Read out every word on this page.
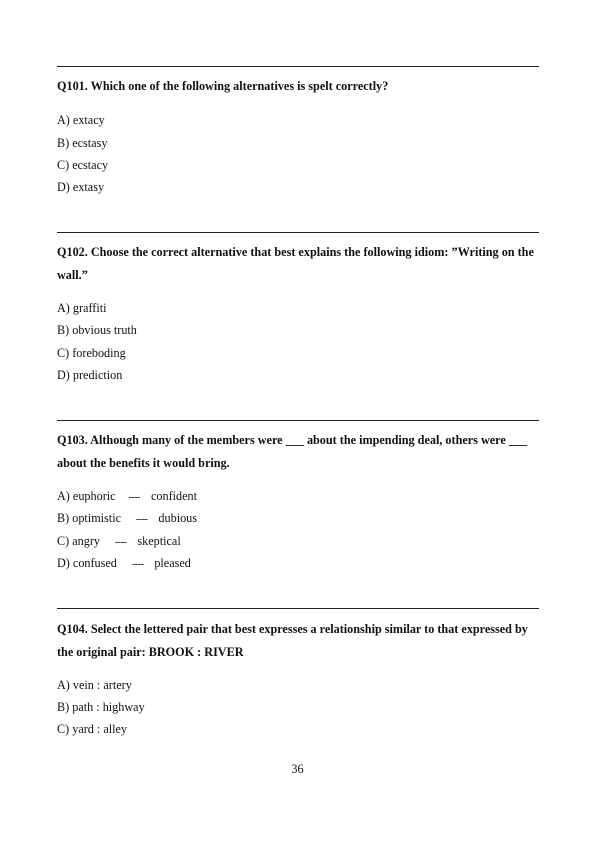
Q101. Which one of the following alternatives is spelt correctly?
A) extacy
B) ecstasy
C) ecstacy
D) extasy
Q102. Choose the correct alternative that best explains the following idiom: ”Writing on the wall.”
A) graffiti
B) obvious truth
C) foreboding
D) prediction
Q103. Although many of the members were ___ about the impending deal, others were ___ about the benefits it would bring.
A) euphoric ---- confident
B) optimistic ---- dubious
C) angry ---- skeptical
D) confused ---- pleased
Q104. Select the lettered pair that best expresses a relationship similar to that expressed by the original pair: BROOK : RIVER
A) vein : artery
B) path : highway
C) yard : alley
36
